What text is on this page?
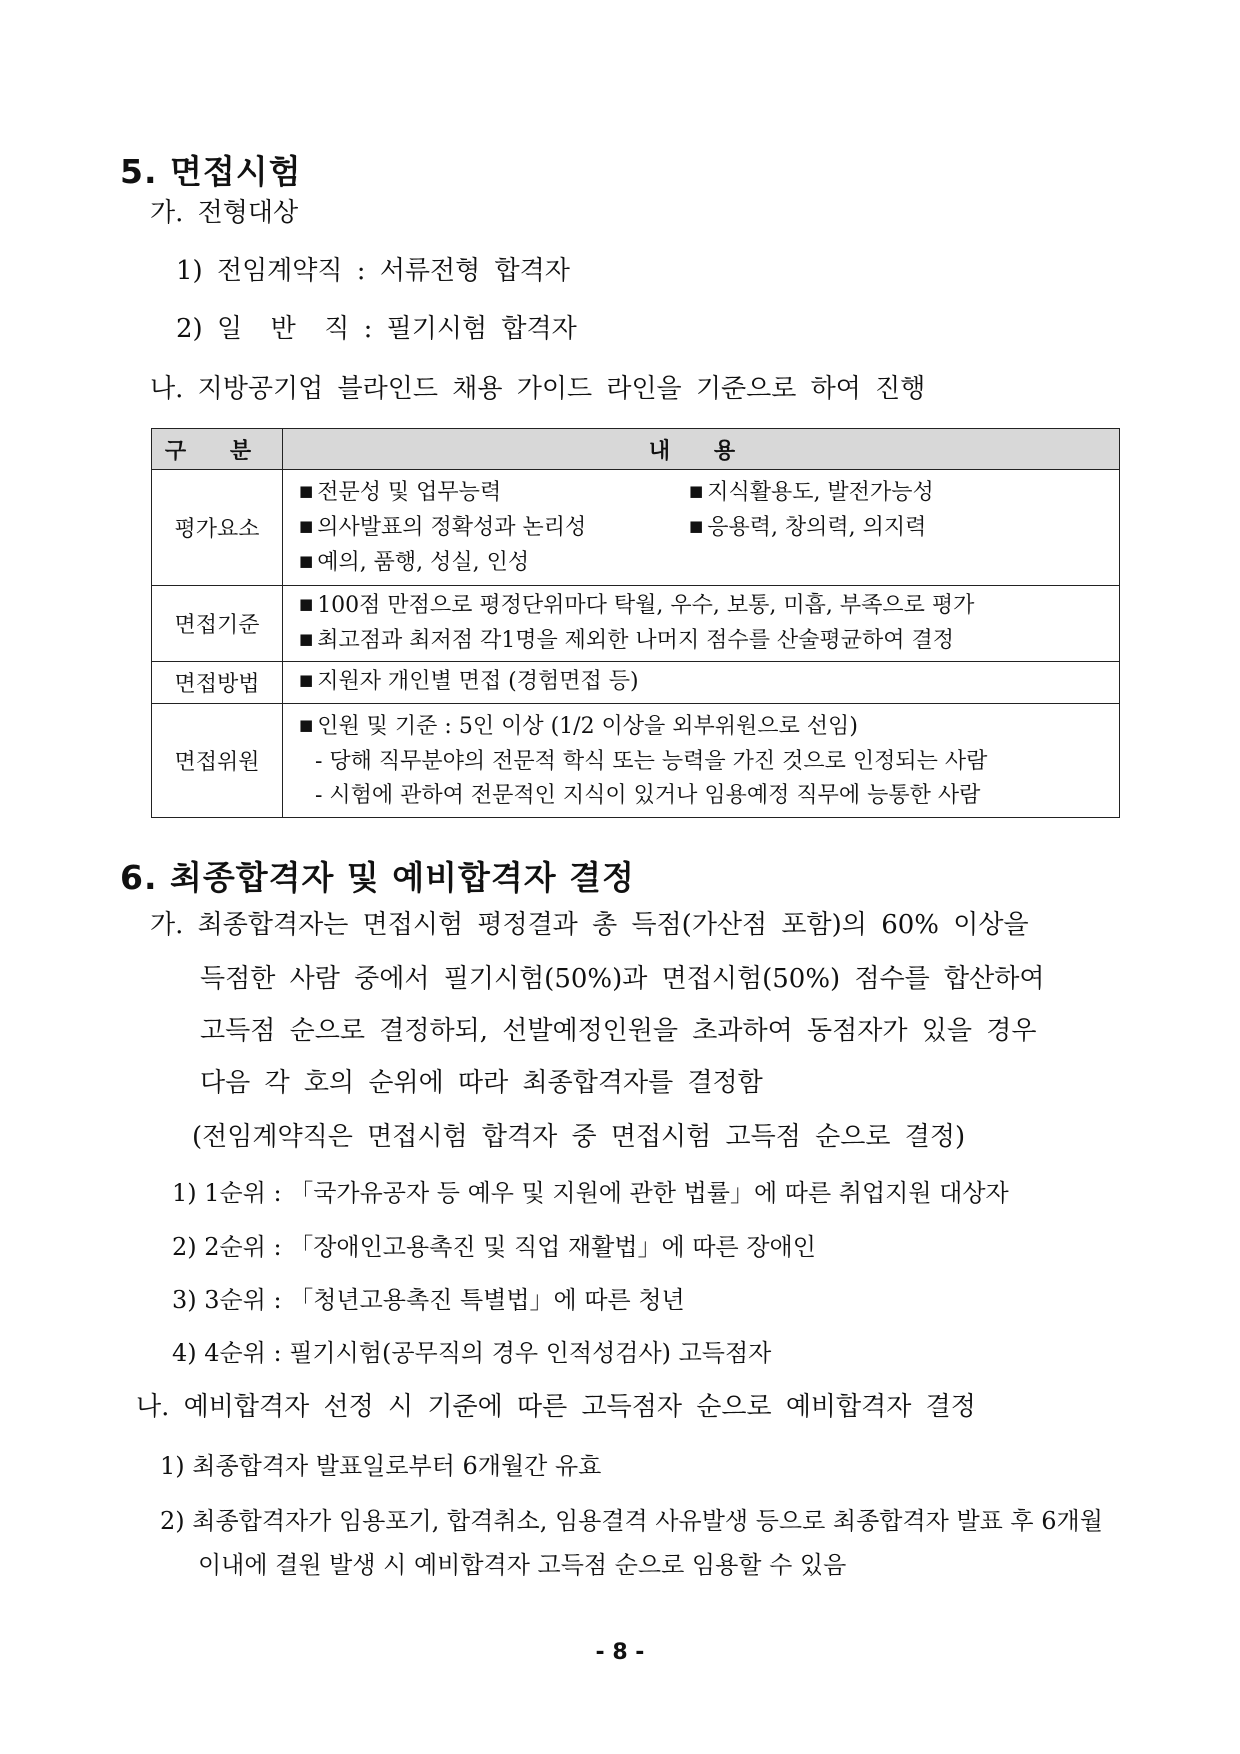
5. 면접시험
가. 전형대상
1) 전임계약직 : 서류전형 합격자
2) 일  반  직 : 필기시험 합격자
나. 지방공기업 블라인드 채용 가이드 라인을 기준으로 하여 진행
구 분	내 용
평가요소	■ 전문성 및 업무능력
■ 의사발표의 정확성과 논리성
■ 예의, 품행, 성실, 인성
■ 지식활용도, 발전가능성
■ 응용력, 창의력, 의지력

면접기준	■ 100점 만점으로 평정단위마다 탁월, 우수, 보통, 미흡, 부족으로 평가
■ 최고점과 최저점 각1명을 제외한 나머지 점수를 산술평균하여 결정

면접방법	■ 지원자 개인별 면접 (경험면접 등)

면접위원	■ 인원 및 기준 : 5인 이상 (1/2 이상을 외부위원으로 선임)
- 당해 직무분야의 전문적 학식 또는 능력을 가진 것으로 인정되는 사람
- 시험에 관하여 전문적인 지식이 있거나 임용예정 직무에 능통한 사람
6. 최종합격자 및 예비합격자 결정
가. 최종합격자는 면접시험 평정결과 총 득점(가산점 포함)의 60% 이상을
득점한 사람 중에서 필기시험(50%)과 면접시험(50%) 점수를 합산하여
고득점 순으로 결정하되, 선발예정인원을 초과하여 동점자가 있을 경우
다음 각 호의 순위에 따라 최종합격자를 결정함
(전임계약직은 면접시험 합격자 중 면접시험 고득점 순으로 결정)
1) 1순위 : 「국가유공자 등 예우 및 지원에 관한 법률」에 따른 취업지원 대상자
2) 2순위 : 「장애인고용촉진 및 직업 재활법」에 따른 장애인
3) 3순위 : 「청년고용촉진 특별법」에 따른 청년
4) 4순위 : 필기시험(공무직의 경우 인적성검사) 고득점자
나. 예비합격자 선정 시 기준에 따른 고득점자 순으로 예비합격자 결정
1) 최종합격자 발표일로부터 6개월간 유효
2) 최종합격자가 임용포기, 합격취소, 임용결격 사유발생 등으로 최종합격자 발표 후 6개월
이내에 결원 발생 시 예비합격자 고득점 순으로 임용할 수 있음
- 8 -
